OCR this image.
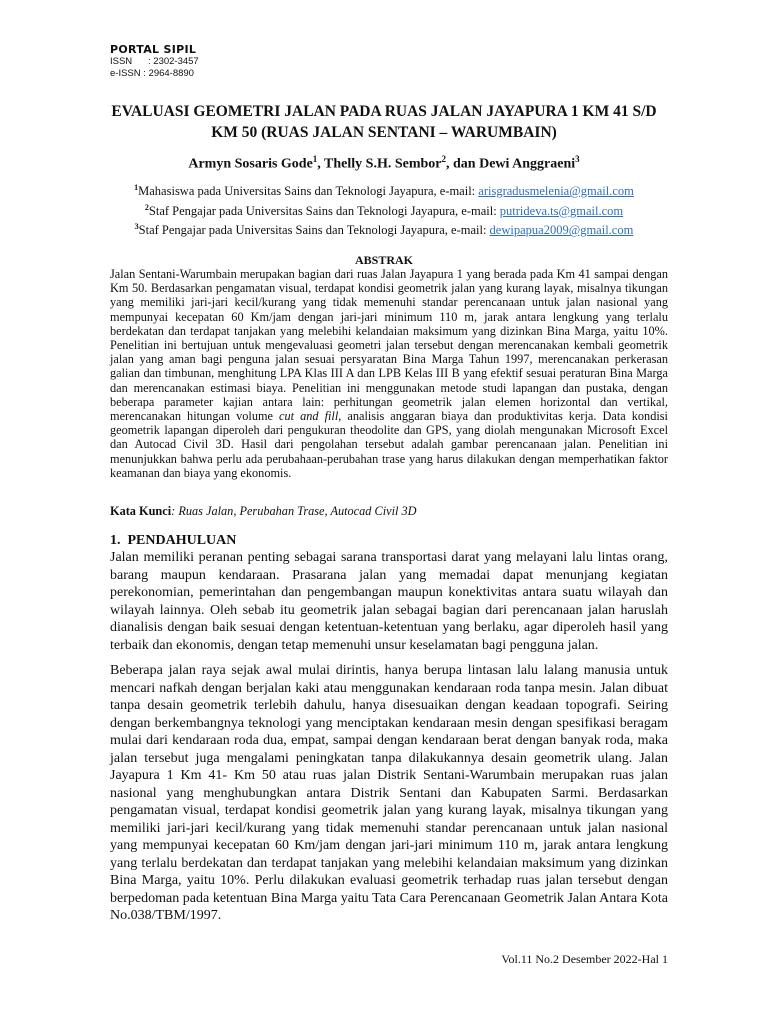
PORTAL SIPIL
ISSN      : 2302-3457
e-ISSN : 2964-8890
EVALUASI GEOMETRI JALAN PADA RUAS JALAN JAYAPURA 1 KM 41 S/D KM 50 (RUAS JALAN SENTANI – WARUMBAIN)
Armyn Sosaris Gode$^1$, Thelly S.H. Sembor$^2$, dan Dewi Anggraeni$^3$
$^1$Mahasiswa pada Universitas Sains dan Teknologi Jayapura, e-mail: arisgradusmelenia@gmail.com
$^2$Staf Pengajar pada Universitas Sains dan Teknologi Jayapura, e-mail: putrideva.ts@gmail.com
$^3$Staf Pengajar pada Universitas Sains dan Teknologi Jayapura, e-mail: dewipapua2009@gmail.com
ABSTRAK
Jalan Sentani-Warumbain merupakan bagian dari ruas Jalan Jayapura 1 yang berada pada Km 41 sampai dengan Km 50. Berdasarkan pengamatan visual, terdapat kondisi geometrik jalan yang kurang layak, misalnya tikungan yang memiliki jari-jari kecil/kurang yang tidak memenuhi standar perencanaan untuk jalan nasional yang mempunyai kecepatan 60 Km/jam dengan jari-jari minimum 110 m, jarak antara lengkung yang terlalu berdekatan dan terdapat tanjakan yang melebihi kelandaian maksimum yang dizinkan Bina Marga, yaitu 10%. Penelitian ini bertujuan untuk mengevaluasi geometri jalan tersebut dengan merencanakan kembali geometrik jalan yang aman bagi penguna jalan sesuai persyaratan Bina Marga Tahun 1997, merencanakan perkerasan galian dan timbunan, menghitung LPA Klas III A dan LPB Kelas III B yang efektif sesuai peraturan Bina Marga dan merencanakan estimasi biaya. Penelitian ini menggunakan metode studi lapangan dan pustaka, dengan beberapa parameter kajian antara lain: perhitungan geometrik jalan elemen horizontal dan vertikal, merencanakan hitungan volume cut and fill, analisis anggaran biaya dan produktivitas kerja. Data kondisi geometrik lapangan diperoleh dari pengukuran theodolite dan GPS, yang diolah mengunakan Microsoft Excel dan Autocad Civil 3D. Hasil dari pengolahan tersebut adalah gambar perencanaan jalan. Penelitian ini menunjukkan bahwa perlu ada perubahaan-perubahan trase yang harus dilakukan dengan memperhatikan faktor keamanan dan biaya yang ekonomis.
Kata Kunci: Ruas Jalan, Perubahan Trase, Autocad Civil 3D
1.  PENDAHULUAN
Jalan memiliki peranan penting sebagai sarana transportasi darat yang melayani lalu lintas orang, barang maupun kendaraan. Prasarana jalan yang memadai dapat menunjang kegiatan perekonomian, pemerintahan dan pengembangan maupun konektivitas antara suatu wilayah dan wilayah lainnya. Oleh sebab itu geometrik jalan sebagai bagian dari perencanaan jalan haruslah dianalisis dengan baik sesuai dengan ketentuan-ketentuan yang berlaku, agar diperoleh hasil yang terbaik dan ekonomis, dengan tetap memenuhi unsur keselamatan bagi pengguna jalan.
Beberapa jalan raya sejak awal mulai dirintis, hanya berupa lintasan lalu lalang manusia untuk mencari nafkah dengan berjalan kaki atau menggunakan kendaraan roda tanpa mesin. Jalan dibuat tanpa desain geometrik terlebih dahulu, hanya disesuaikan dengan keadaan topografi. Seiring dengan berkembangnya teknologi yang menciptakan kendaraan mesin dengan spesifikasi beragam mulai dari kendaraan roda dua, empat, sampai dengan kendaraan berat dengan banyak roda, maka jalan tersebut juga mengalami peningkatan tanpa dilakukannya desain geometrik ulang. Jalan Jayapura 1 Km 41- Km 50 atau ruas jalan Distrik Sentani-Warumbain merupakan ruas jalan nasional yang menghubungkan antara Distrik Sentani dan Kabupaten Sarmi. Berdasarkan pengamatan visual, terdapat kondisi geometrik jalan yang kurang layak, misalnya tikungan yang memiliki jari-jari kecil/kurang yang tidak memenuhi standar perencanaan untuk jalan nasional yang mempunyai kecepatan 60 Km/jam dengan jari-jari minimum 110 m, jarak antara lengkung yang terlalu berdekatan dan terdapat tanjakan yang melebihi kelandaian maksimum yang dizinkan Bina Marga, yaitu 10%. Perlu dilakukan evaluasi geometrik terhadap ruas jalan tersebut dengan berpedoman pada ketentuan Bina Marga yaitu Tata Cara Perencanaan Geometrik Jalan Antara Kota No.038/TBM/1997.
Vol.11 No.2 Desember 2022-Hal 1
